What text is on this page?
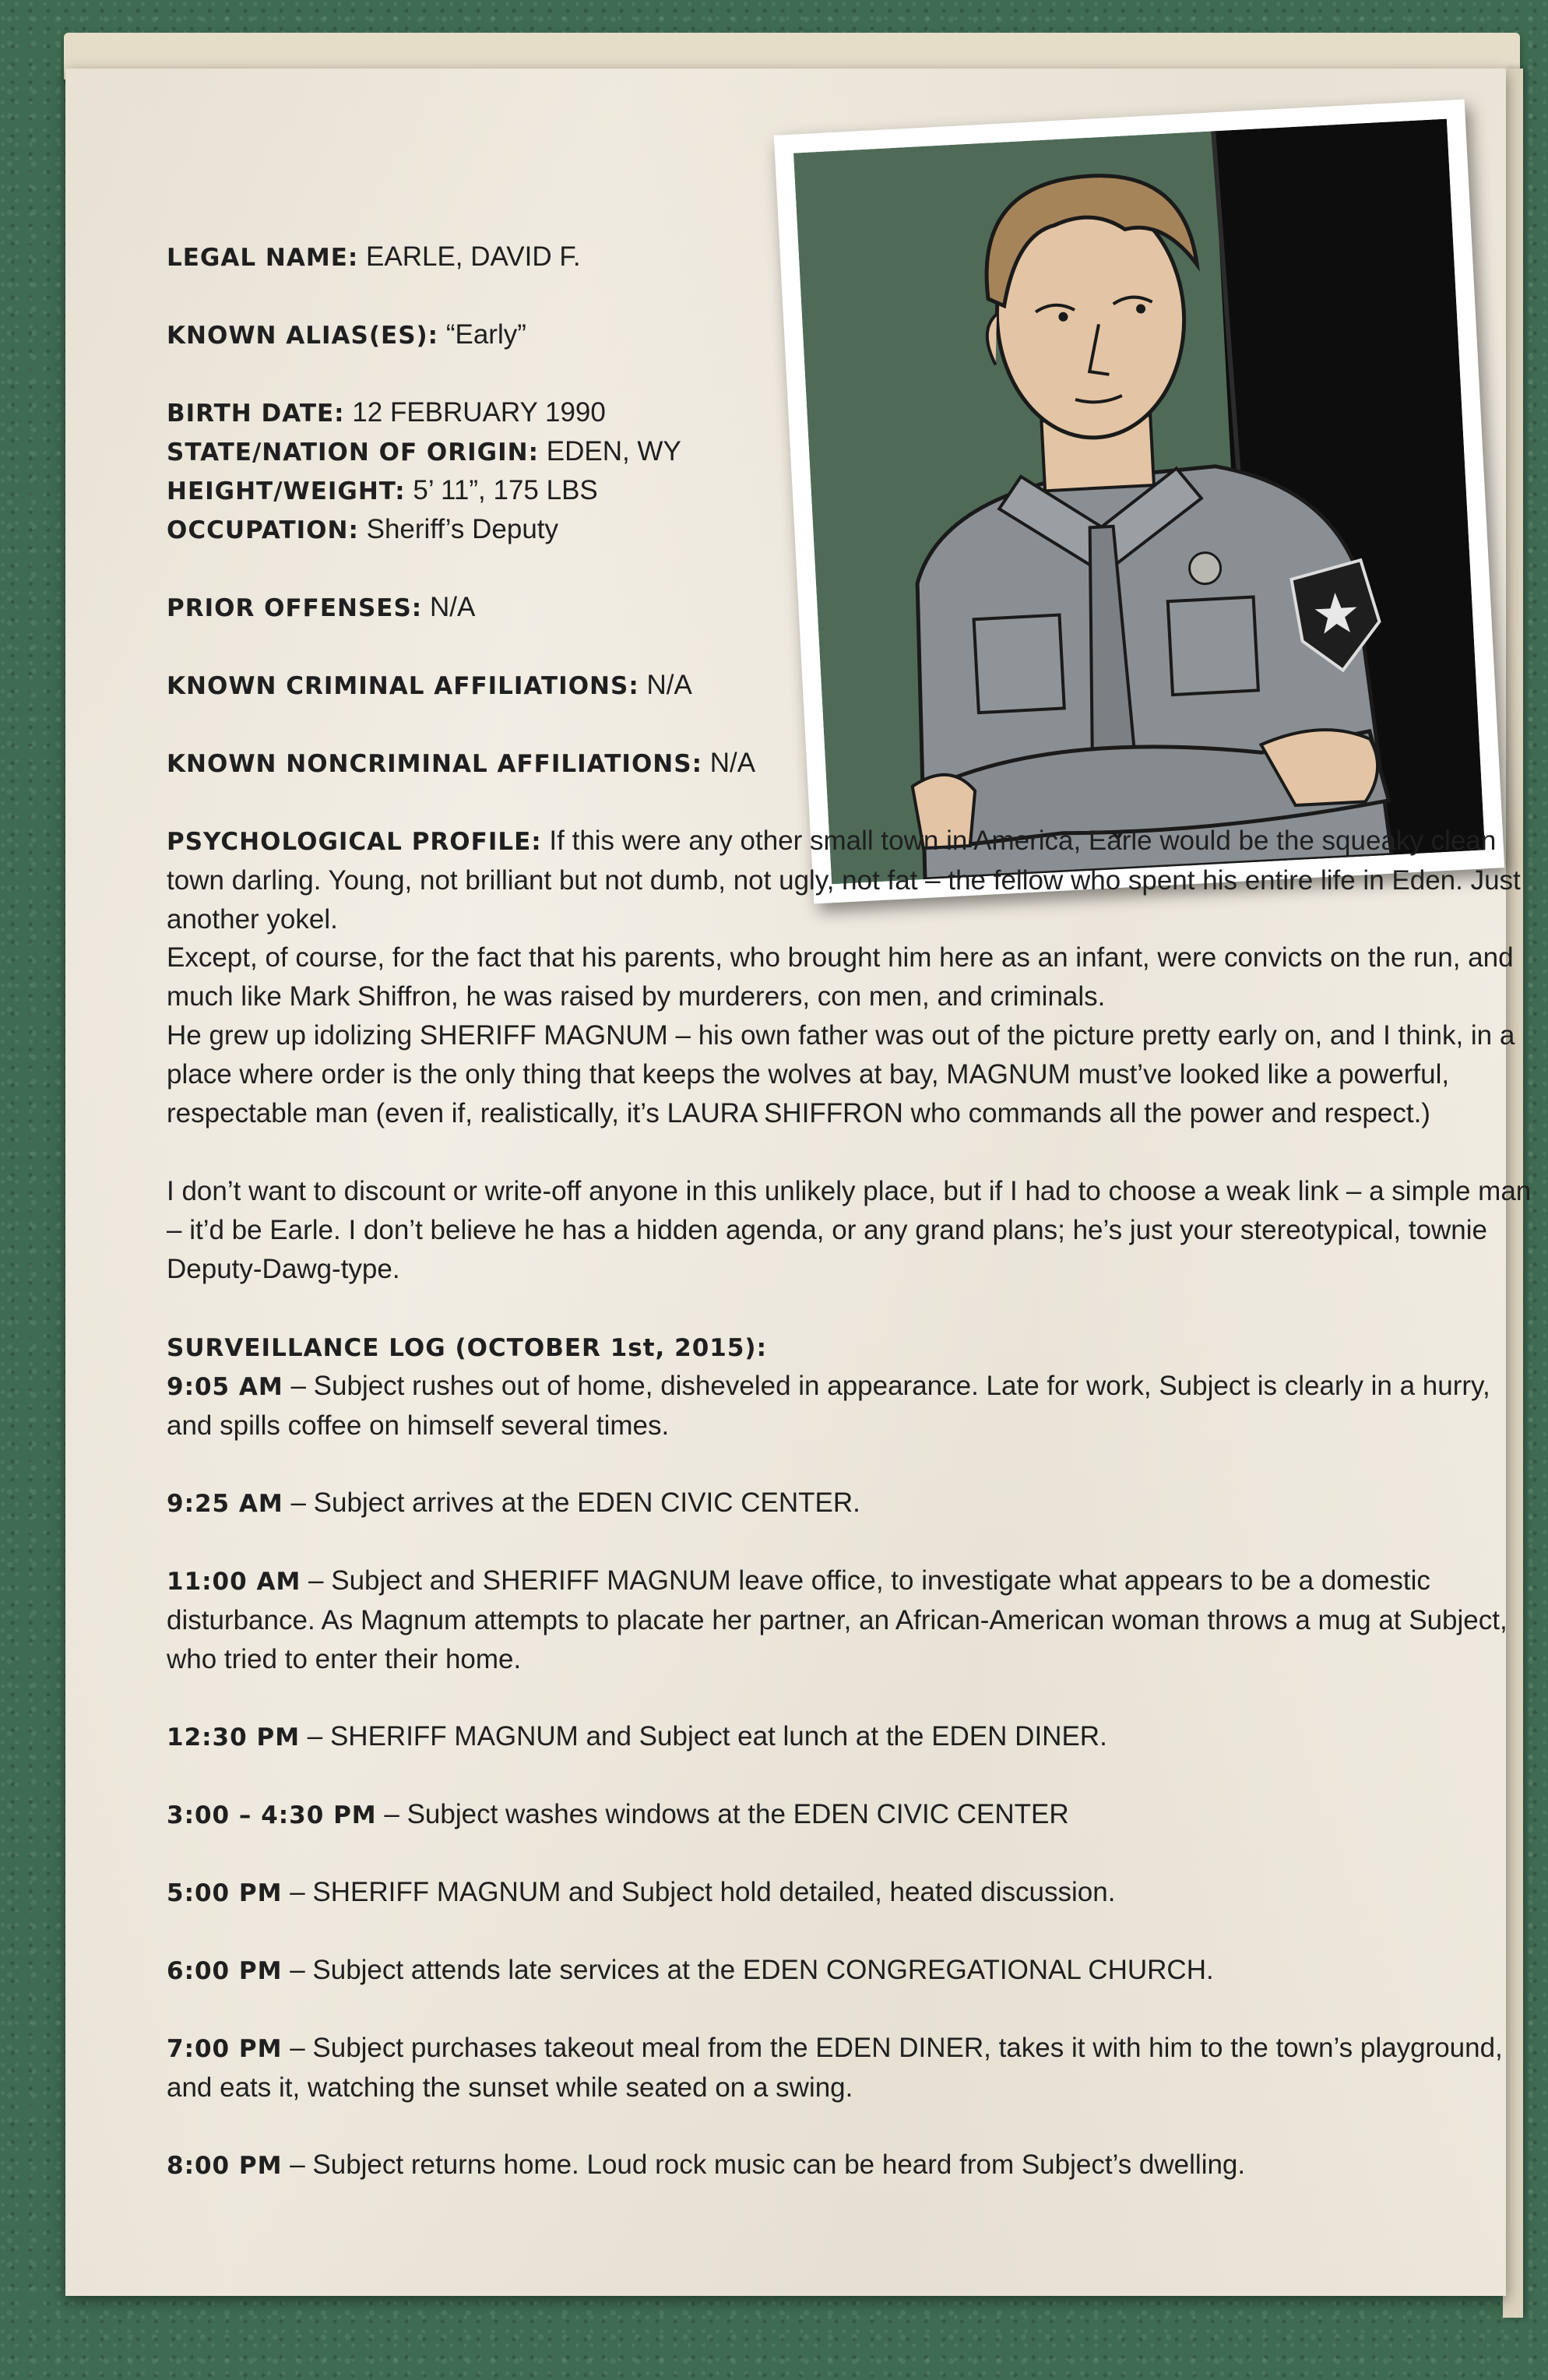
LEGAL NAME: EARLE, DAVID F.
KNOWN ALIAS(ES): “Early”
BIRTH DATE: 12 FEBRUARY 1990
STATE/NATION OF ORIGIN: EDEN, WY
HEIGHT/WEIGHT: 5’ 11”, 175 LBS
OCCUPATION: Sheriff’s Deputy
PRIOR OFFENSES: N/A
KNOWN CRIMINAL AFFILIATIONS: N/A
KNOWN NONCRIMINAL AFFILIATIONS: N/A
PSYCHOLOGICAL PROFILE: If this were any other small town in America, Earle would be the squeaky clean town darling. Young, not brilliant but not dumb, not ugly, not fat – the fellow who spent his entire life in Eden. Just another yokel.
Except, of course, for the fact that his parents, who brought him here as an infant, were convicts on the run, and much like Mark Shiffron, he was raised by murderers, con men, and criminals.
He grew up idolizing SHERIFF MAGNUM – his own father was out of the picture pretty early on, and I think, in a place where order is the only thing that keeps the wolves at bay, MAGNUM must’ve looked like a powerful, respectable man (even if, realistically, it’s LAURA SHIFFRON who commands all the power and respect.)
I don’t want to discount or write-off anyone in this unlikely place, but if I had to choose a weak link – a simple man – it’d be Earle. I don’t believe he has a hidden agenda, or any grand plans; he’s just your stereotypical, townie Deputy-Dawg-type.
SURVEILLANCE LOG (OCTOBER 1st, 2015):
9:05 AM – Subject rushes out of home, disheveled in appearance. Late for work, Subject is clearly in a hurry, and spills coffee on himself several times.
9:25 AM – Subject arrives at the EDEN CIVIC CENTER.
11:00 AM – Subject and SHERIFF MAGNUM leave office, to investigate what appears to be a domestic disturbance. As Magnum attempts to placate her partner, an African-American woman throws a mug at Subject, who tried to enter their home.
12:30 PM – SHERIFF MAGNUM and Subject eat lunch at the EDEN DINER.
3:00 – 4:30 PM – Subject washes windows at the EDEN CIVIC CENTER
5:00 PM – SHERIFF MAGNUM and Subject hold detailed, heated discussion.
6:00 PM – Subject attends late services at the EDEN CONGREGATIONAL CHURCH.
7:00 PM – Subject purchases takeout meal from the EDEN DINER, takes it with him to the town’s playground, and eats it, watching the sunset while seated on a swing.
8:00 PM – Subject returns home. Loud rock music can be heard from Subject’s dwelling.
